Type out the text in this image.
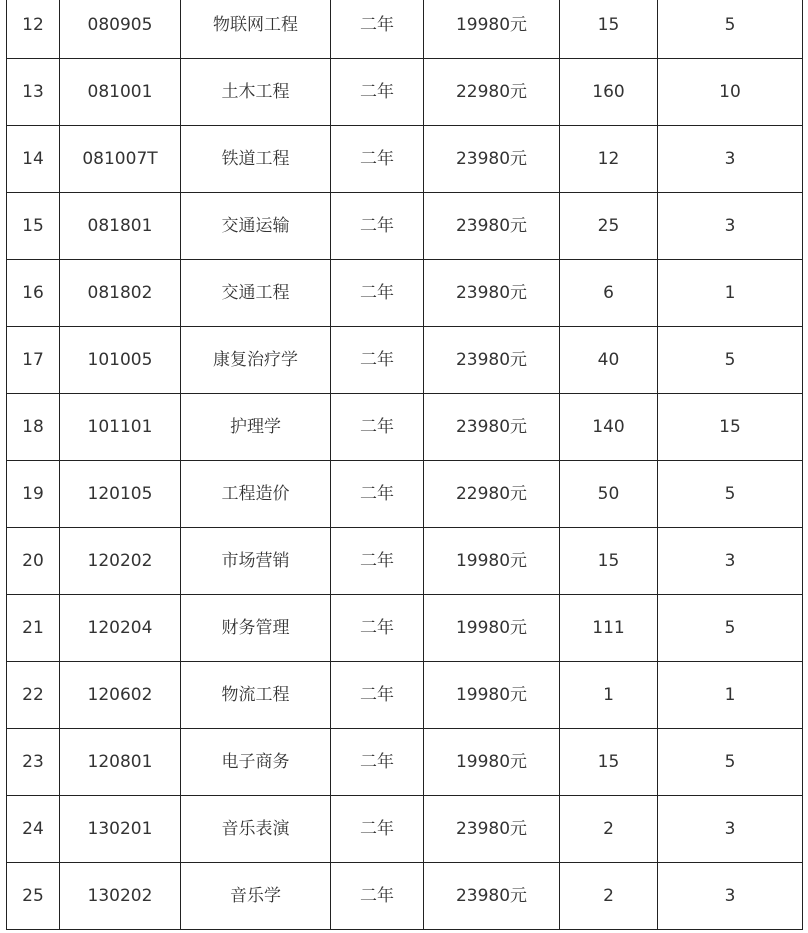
12	080905	物联网工程	二年	19980元	15	5
13	081001	土木工程	二年	22980元	160	10
14	081007T	铁道工程	二年	23980元	12	3
15	081801	交通运输	二年	23980元	25	3
16	081802	交通工程	二年	23980元	6	1
17	101005	康复治疗学	二年	23980元	40	5
18	101101	护理学	二年	23980元	140	15
19	120105	工程造价	二年	22980元	50	5
20	120202	市场营销	二年	19980元	15	3
21	120204	财务管理	二年	19980元	111	5
22	120602	物流工程	二年	19980元	1	1
23	120801	电子商务	二年	19980元	15	5
24	130201	音乐表演	二年	23980元	2	3
25	130202	音乐学	二年	23980元	2	3
